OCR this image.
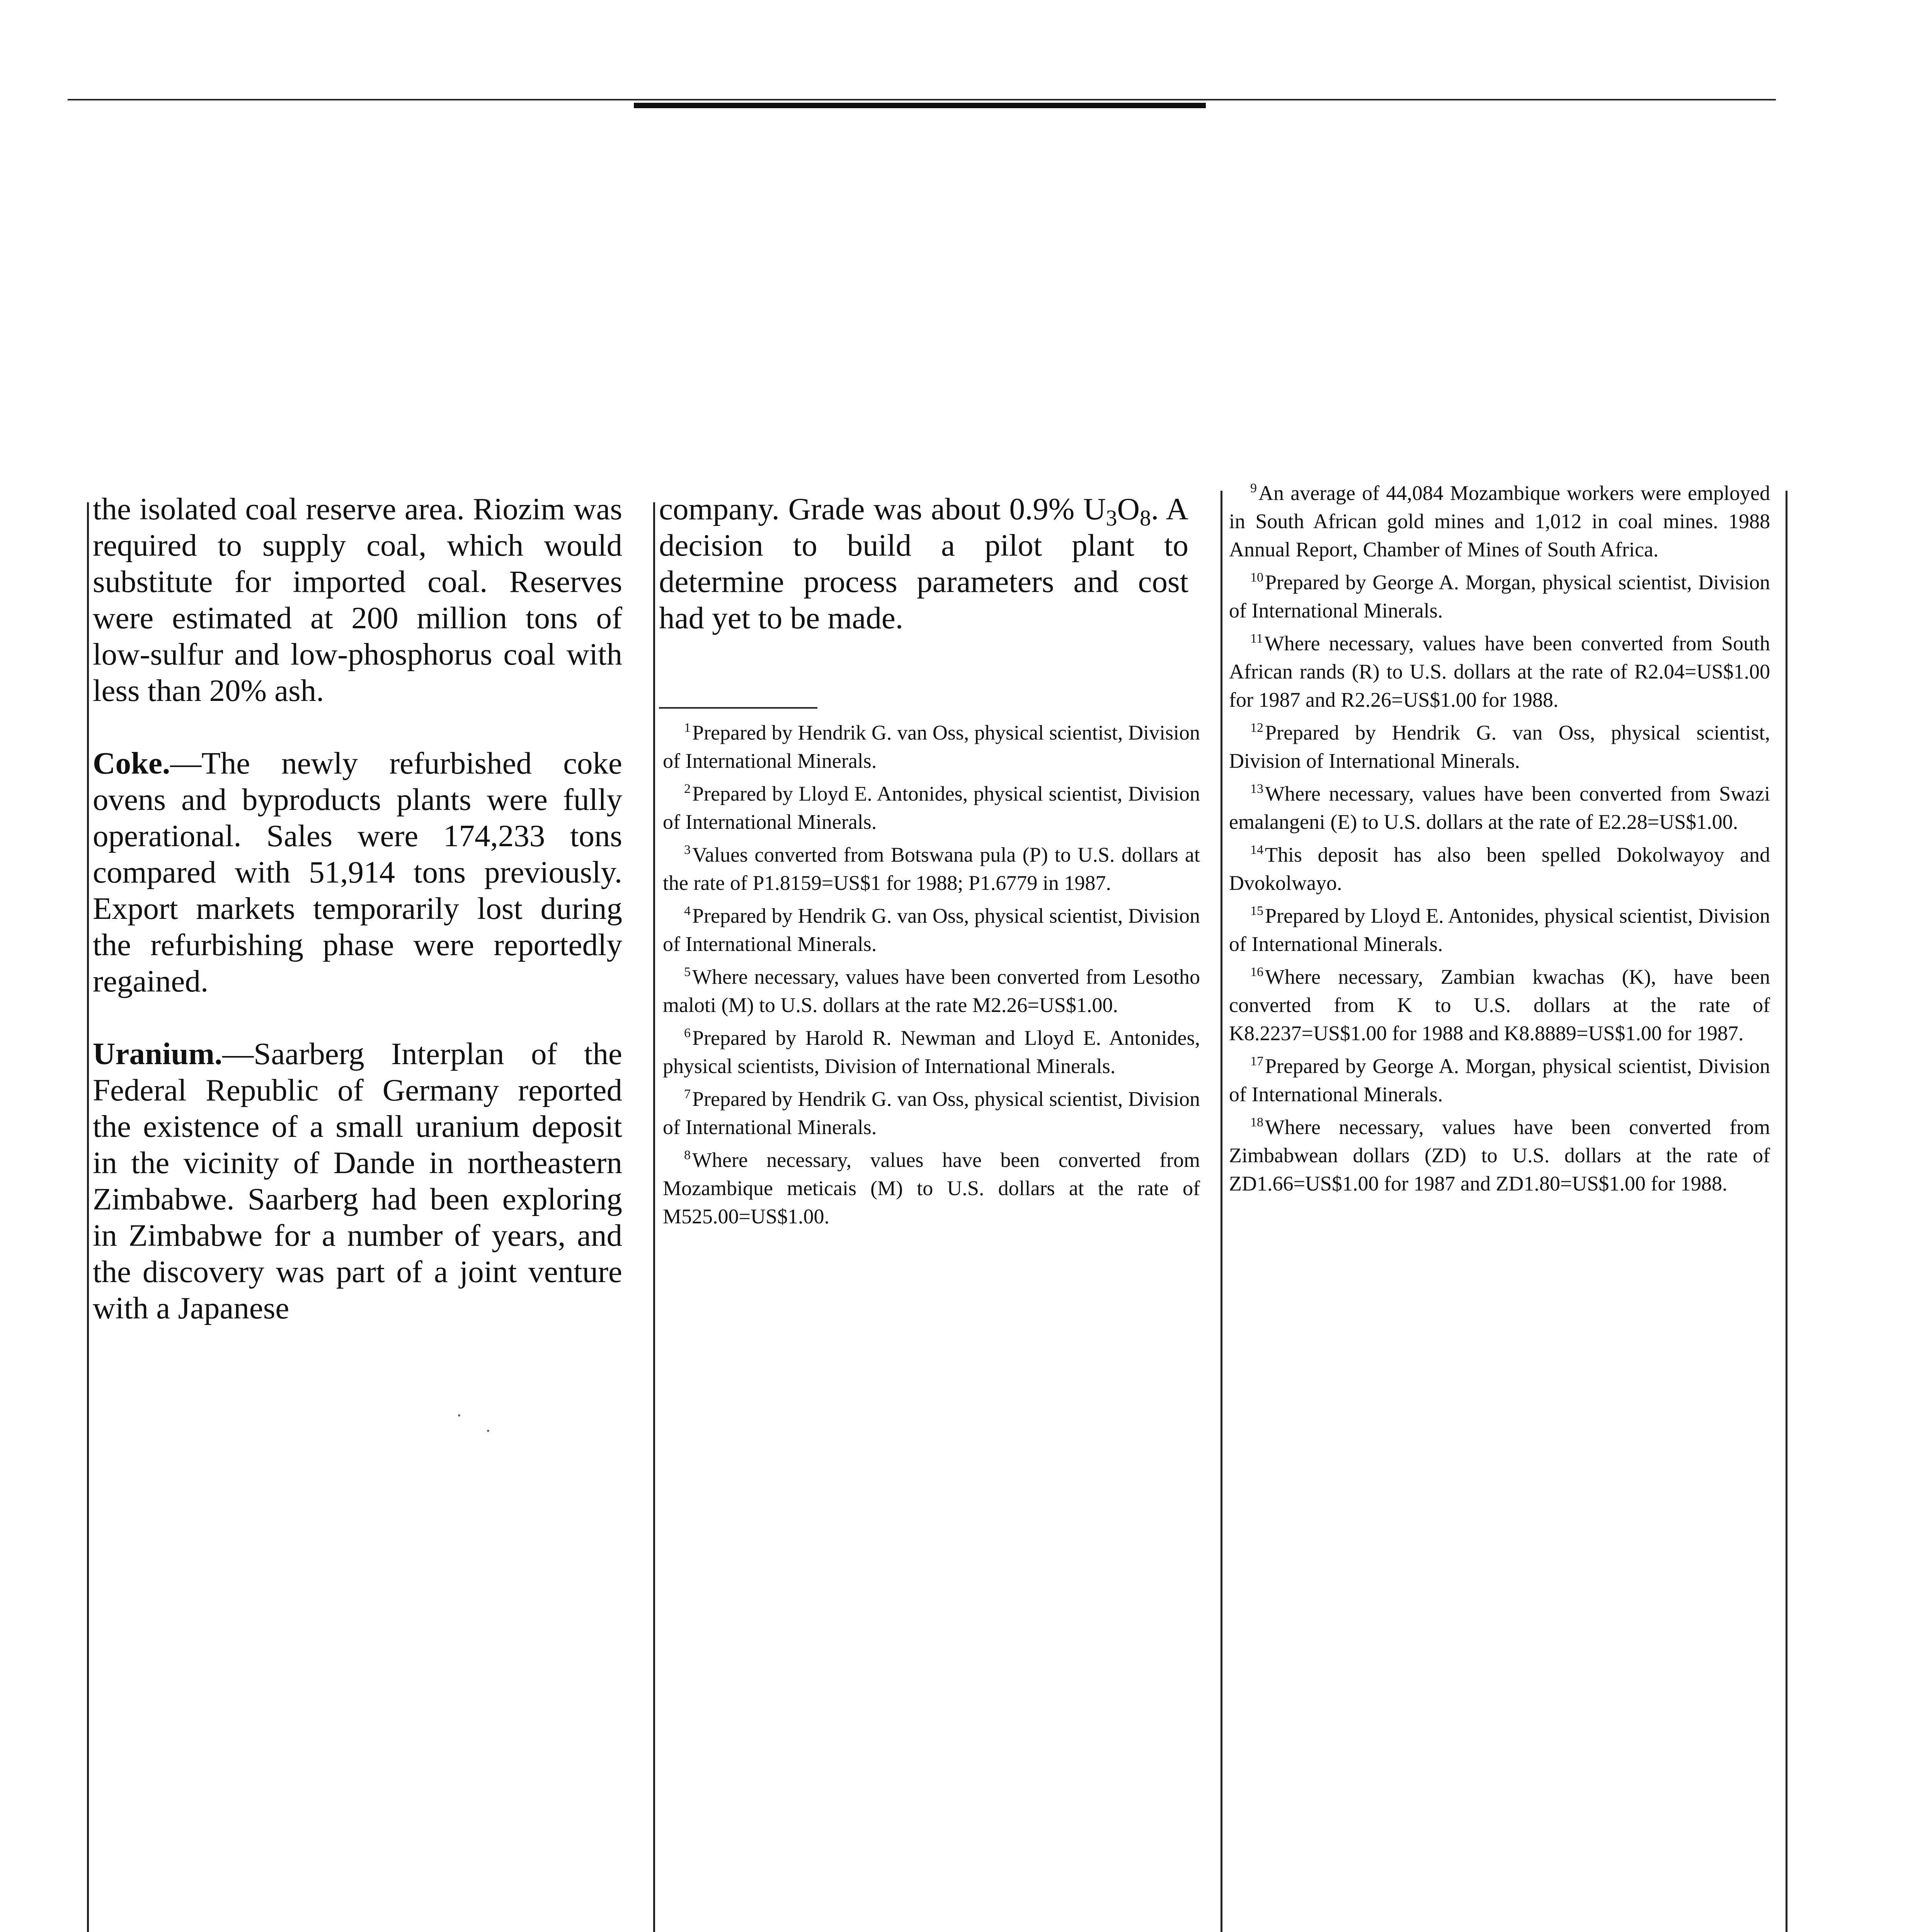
the isolated coal reserve area. Riozim was required to supply coal, which would substitute for imported coal. Reserves were estimated at 200 million tons of low-sulfur and low-phosphorus coal with less than 20% ash.

Coke.—The newly refurbished coke ovens and byproducts plants were fully operational. Sales were 174,233 tons compared with 51,914 tons previously. Export markets temporarily lost during the refurbishing phase were reportedly regained.

Uranium.—Saarberg Interplan of the Federal Republic of Germany reported the existence of a small uranium deposit in the vicinity of Dande in northeastern Zimbabwe. Saarberg had been exploring in Zimbabwe for a number of years, and the discovery was part of a joint venture with a Japanese

company. Grade was about 0.9% $U_3O_8$. A decision to build a pilot plant to determine process parameters and cost had yet to be made.

$^1$Prepared by Hendrik G. van Oss, physical scientist, Division of International Minerals.

$^2$Prepared by Lloyd E. Antonides, physical scientist, Division of International Minerals.

$^3$Values converted from Botswana pula (P) to U.S. dollars at the rate of P1.8159=US$1 for 1988; P1.6779 in 1987.

$^4$Prepared by Hendrik G. van Oss, physical scientist, Division of International Minerals.

$^5$Where necessary, values have been converted from Lesotho maloti (M) to U.S. dollars at the rate M2.26=US$1.00.

$^6$Prepared by Harold R. Newman and Lloyd E. Antonides, physical scientists, Division of International Minerals.

$^7$Prepared by Hendrik G. van Oss, physical scientist, Division of International Minerals.

$^8$Where necessary, values have been converted from Mozambique meticais (M) to U.S. dollars at the rate of M525.00=US$1.00.

$^9$An average of 44,084 Mozambique workers were employed in South African gold mines and 1,012 in coal mines. 1988 Annual Report, Chamber of Mines of South Africa.

$^{10}$Prepared by George A. Morgan, physical scientist, Division of International Minerals.

$^{11}$Where necessary, values have been converted from South African rands (R) to U.S. dollars at the rate of R2.04=US$1.00 for 1987 and R2.26=US$1.00 for 1988.

$^{12}$Prepared by Hendrik G. van Oss, physical scientist, Division of International Minerals.

$^{13}$Where necessary, values have been converted from Swazi emalangeni (E) to U.S. dollars at the rate of E2.28=US$1.00.

$^{14}$This deposit has also been spelled Dokolwayoy and Dvokolwayo.

$^{15}$Prepared by Lloyd E. Antonides, physical scientist, Division of International Minerals.

$^{16}$Where necessary, Zambian kwachas (K), have been converted from K to U.S. dollars at the rate of K8.2237=US$1.00 for 1988 and K8.8889=US$1.00 for 1987.

$^{17}$Prepared by George A. Morgan, physical scientist, Division of International Minerals.

$^{18}$Where necessary, values have been converted from Zimbabwean dollars (ZD) to U.S. dollars at the rate of ZD1.66=US$1.00 for 1987 and ZD1.80=US$1.00 for 1988.
